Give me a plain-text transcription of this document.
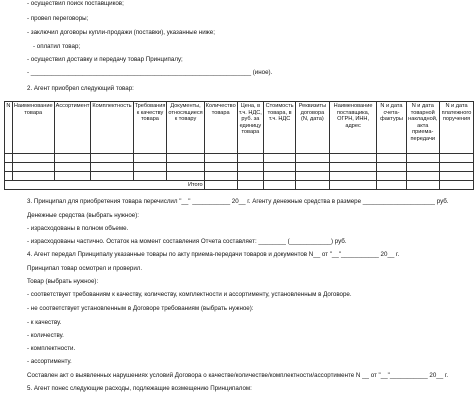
- осуществил поиск поставщиков;
- провел переговоры;
- заключил договоры купли-продажи (поставки), указанные ниже;
- оплатил товар;
- осуществил доставку и передачу товар Принципалу;
- ________________________________________________________________ (иное).
2. Агент приобрел следующий товар:
N	Наименование товара	Ассортимент	Комплектность	Требования к качеству товара	Документы, относящиеся к товару	Количество товара	Цена, в т.ч. НДС, руб. за единицу товара	Стоимость товара, в т.ч. НДС	Реквизиты договора (N, дата)	Наименование поставщика, ОГРН, ИНН, адрес	N и дата счета-фактуры	N и дата товарной накладной, акта приема-передачи	N и дата платежного поручения

Итого													
3. Принципал для приобретения товара перечислил "__" ___________ 20__ г. Агенту денежные средства в размере _____________________ руб.
Денежные средства (выбрать нужное):
- израсходованы в полном объеме.
- израсходованы частично. Остаток на момент составления Отчета составляет: ________ (____________) руб.
4. Агент передал Принципалу указанные товары по акту приема-передачи товаров и документов N__ от "__"___________ 20__ г.
Принципал товар осмотрел и проверил.
Товар (выбрать нужное):
- соответствует требованиям к качеству, количеству, комплектности и ассортименту, установленным в Договоре.
- не соответствует установленным в Договоре требованиям (выбрать нужное):
- к качеству.
- количеству.
- комплектности.
- ассортименту.
Составлен акт о выявленных нарушениях условий Договора о качестве/количестве/комплектности/ассортименте N __ от "__"___________ 20__ г.
5. Агент понес следующие расходы, подлежащие возмещению Принципалом:
